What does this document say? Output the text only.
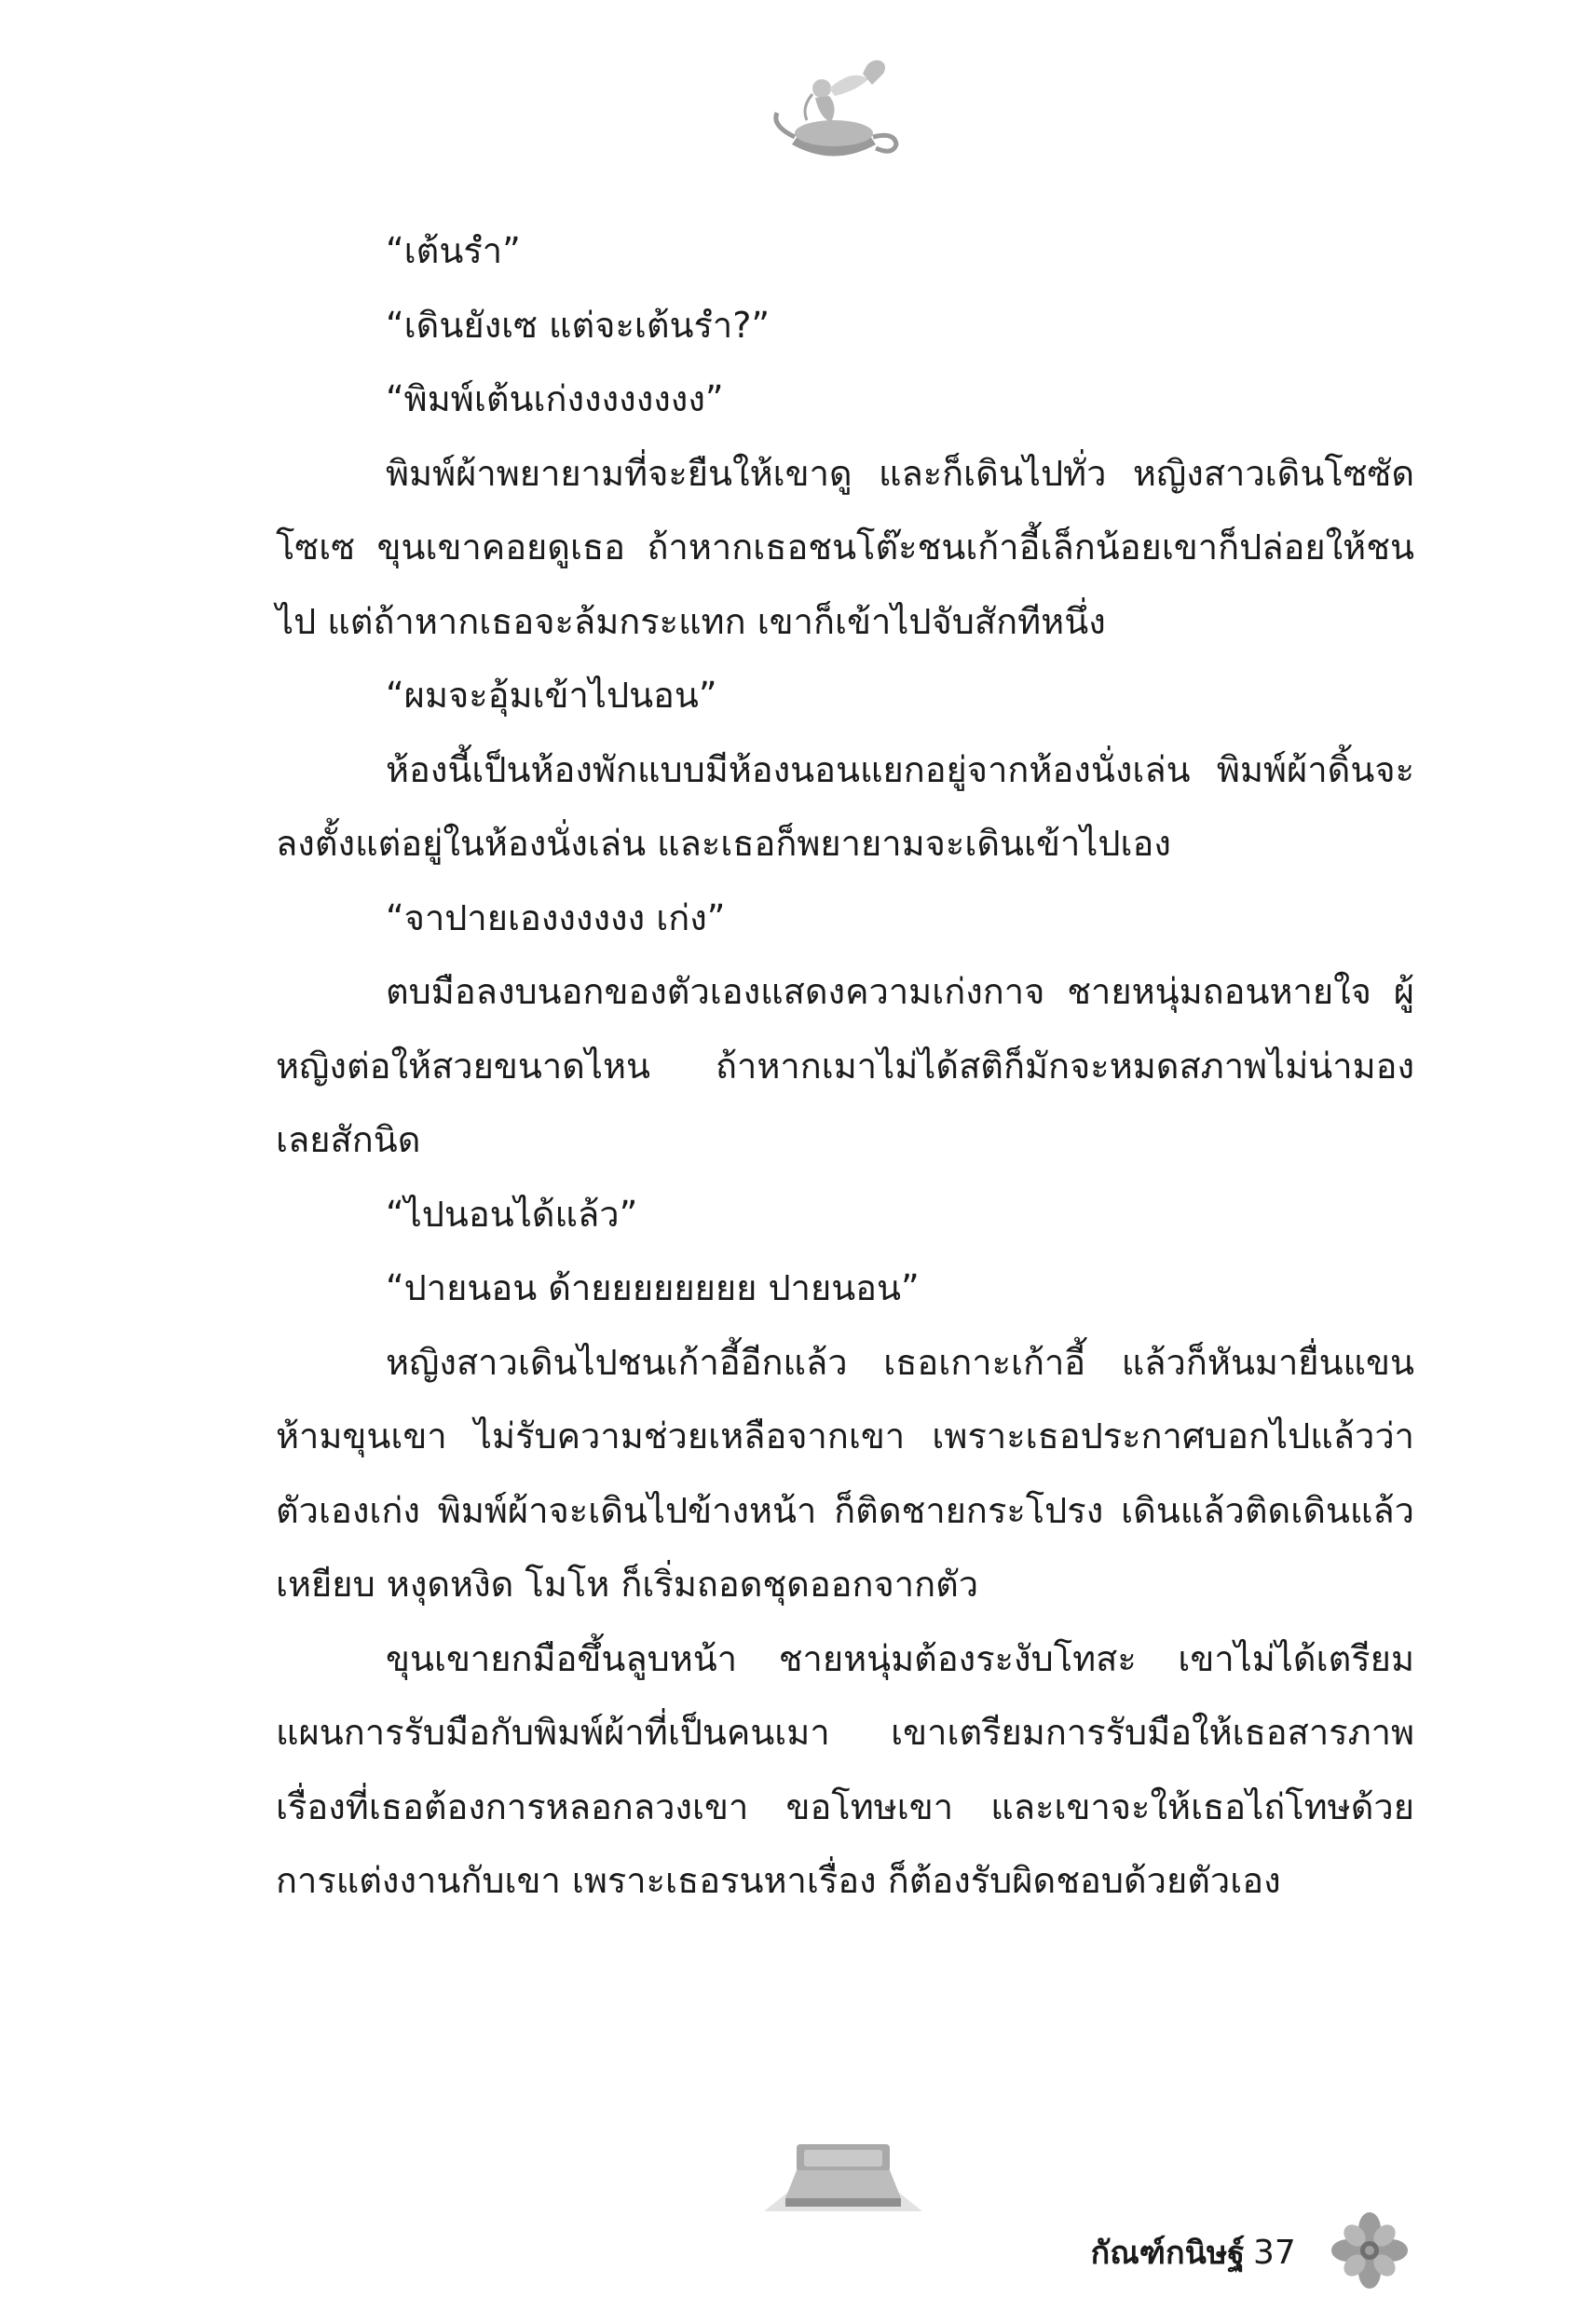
“เต้นรำ”

“เดินยังเซ แต่จะเต้นรำ?”

“พิมพ์เต้นเก่งงงงงงงง”

พิมพ์ผ้าพยายามที่จะยืนให้เขาดู และก็เดินไปทั่ว หญิงสาวเดินโซซัดโซเซ ขุนเขาคอยดูเธอ ถ้าหากเธอชนโต๊ะชนเก้าอี้เล็กน้อยเขาก็ปล่อยให้ชนไป แต่ถ้าหากเธอจะล้มกระแทก เขาก็เข้าไปจับสักทีหนึ่ง

“ผมจะอุ้มเข้าไปนอน”

ห้องนี้เป็นห้องพักแบบมีห้องนอนแยกอยู่จากห้องนั่งเล่น พิมพ์ผ้าดิ้นจะลงตั้งแต่อยู่ในห้องนั่งเล่น และเธอก็พยายามจะเดินเข้าไปเอง

“จาปายเองงงงงง เก่ง”

ตบมือลงบนอกของตัวเองแสดงความเก่งกาจ ชายหนุ่มถอนหายใจ ผู้หญิงต่อให้สวยขนาดไหน ถ้าหากเมาไม่ได้สติก็มักจะหมดสภาพไม่น่ามองเลยสักนิด

“ไปนอนได้แล้ว”

“ปายนอน ด้ายยยยยยยย ปายนอน”

หญิงสาวเดินไปชนเก้าอี้อีกแล้ว เธอเกาะเก้าอี้ แล้วก็หันมายื่นแขนห้ามขุนเขา ไม่รับความช่วยเหลือจากเขา เพราะเธอประกาศบอกไปแล้วว่าตัวเองเก่ง พิมพ์ผ้าจะเดินไปข้างหน้า ก็ติดชายกระโปรง เดินแล้วติดเดินแล้วเหยียบ หงุดหงิด โมโห ก็เริ่มถอดชุดออกจากตัว

ขุนเขายกมือขึ้นลูบหน้า ชายหนุ่มต้องระงับโทสะ เขาไม่ได้เตรียมแผนการรับมือกับพิมพ์ผ้าที่เป็นคนเมา เขาเตรียมการรับมือให้เธอสารภาพเรื่องที่เธอต้องการหลอกลวงเขา ขอโทษเขา และเขาจะให้เธอไถ่โทษด้วยการแต่งงานกับเขา เพราะเธอรนหาเรื่อง ก็ต้องรับผิดชอบด้วยตัวเอง

กัณฑ์กนิษฐ์ 37
